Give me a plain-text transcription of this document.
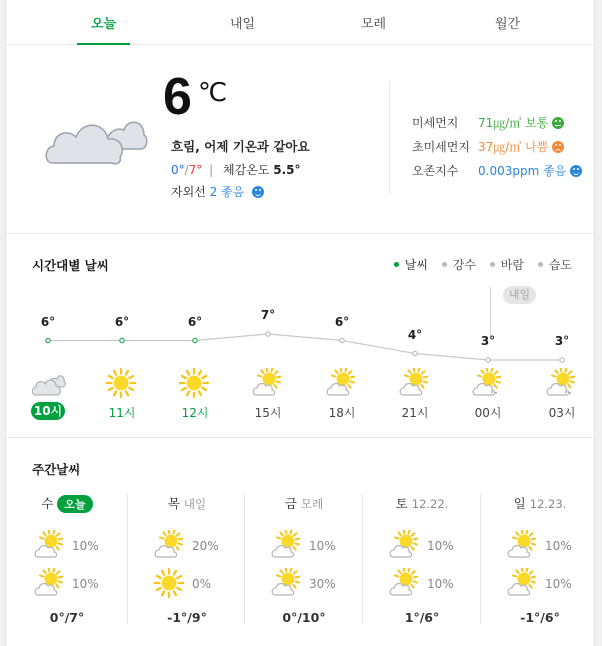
오늘	내일	모레	월간
6 ℃
흐림, 어제 기온과 같아요
0°/7° | 체감온도 5.5°
자외선 2 좋음
미세먼지 71㎍/㎥ 보통
초미세먼지 37㎍/㎥ 나쁨
오존지수 0.003ppm 좋음
시간대별 날씨	날씨 강수 바람 습도
내일
6°
10시
6°
11시
6°
12시
7°
15시
6°
18시
4°
21시
3°
00시
3°
03시
주간날씨
수 오늘
10%
10%
0°/7°
목 내일
20%
0%
-1°/9°
금 모레
10%
30%
0°/10°
토 12.22.
10%
10%
1°/6°
일 12.23.
10%
10%
-1°/6°
